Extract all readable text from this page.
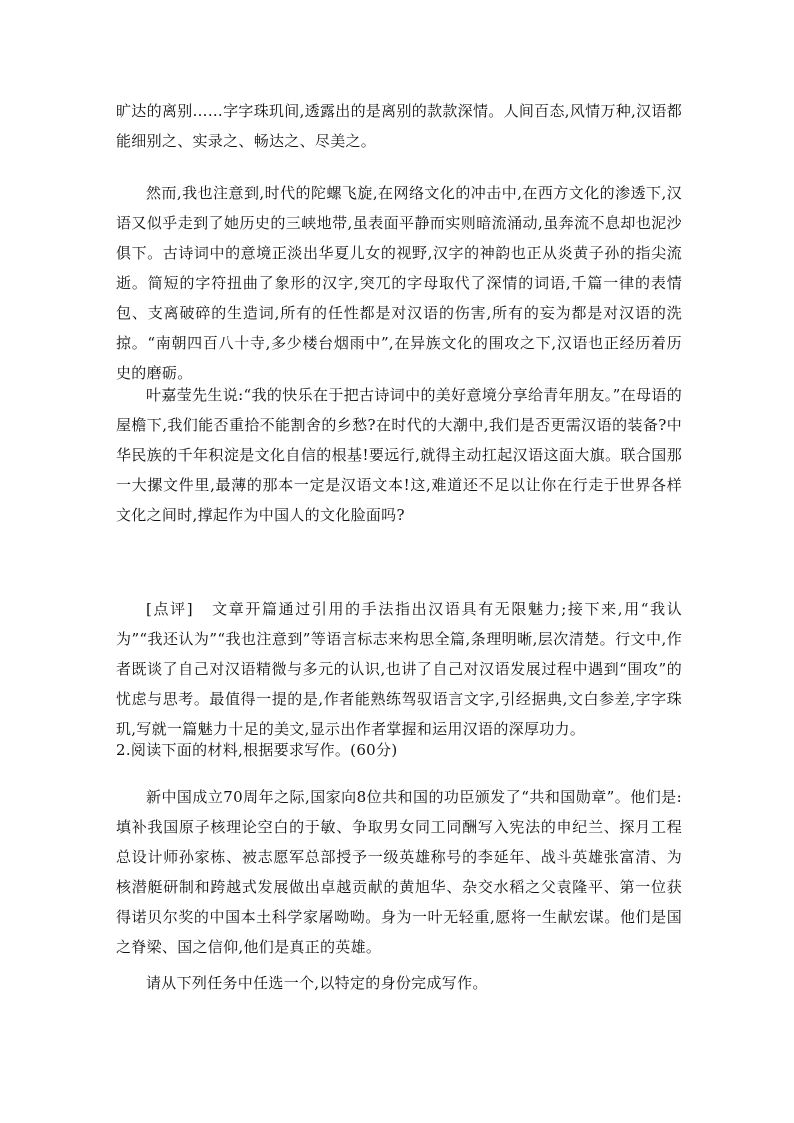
旷达的离别……字字珠玑间,透露出的是离别的款款深情。人间百态,风情万种,汉语都能细别之、实录之、畅达之、尽美之。

然而,我也注意到,时代的陀螺飞旋,在网络文化的冲击中,在西方文化的渗透下,汉语又似乎走到了她历史的三峡地带,虽表面平静而实则暗流涌动,虽奔流不息却也泥沙俱下。古诗词中的意境正淡出华夏儿女的视野,汉字的神韵也正从炎黄子孙的指尖流逝。简短的字符扭曲了象形的汉字,突兀的字母取代了深情的词语,千篇一律的表情包、支离破碎的生造词,所有的任性都是对汉语的伤害,所有的妄为都是对汉语的洗掠。“南朝四百八十寺,多少楼台烟雨中”,在异族文化的围攻之下,汉语也正经历着历史的磨砺。

叶嘉莹先生说:“我的快乐在于把古诗词中的美好意境分享给青年朋友。”在母语的屋檐下,我们能否重拾不能割舍的乡愁?在时代的大潮中,我们是否更需汉语的装备?中华民族的千年积淀是文化自信的根基!要远行,就得主动扛起汉语这面大旗。联合国那一大摞文件里,最薄的那本一定是汉语文本!这,难道还不足以让你在行走于世界各样文化之间时,撑起作为中国人的文化脸面吗?

[点评] 文章开篇通过引用的手法指出汉语具有无限魅力;接下来,用“我认为”“我还认为”“我也注意到”等语言标志来构思全篇,条理明晰,层次清楚。行文中,作者既谈了自己对汉语精微与多元的认识,也讲了自己对汉语发展过程中遇到“围攻”的忧虑与思考。最值得一提的是,作者能熟练驾驭语言文字,引经据典,文白参差,字字珠玑,写就一篇魅力十足的美文,显示出作者掌握和运用汉语的深厚功力。

2.阅读下面的材料,根据要求写作。(60分)

新中国成立70周年之际,国家向8位共和国的功臣颁发了“共和国勋章”。他们是:填补我国原子核理论空白的于敏、争取男女同工同酬写入宪法的申纪兰、探月工程总设计师孙家栋、被志愿军总部授予一级英雄称号的李延年、战斗英雄张富清、为核潜艇研制和跨越式发展做出卓越贡献的黄旭华、杂交水稻之父袁隆平、第一位获得诺贝尔奖的中国本土科学家屠呦呦。身为一叶无轻重,愿将一生献宏谋。他们是国之脊梁、国之信仰,他们是真正的英雄。

请从下列任务中任选一个,以特定的身份完成写作。
